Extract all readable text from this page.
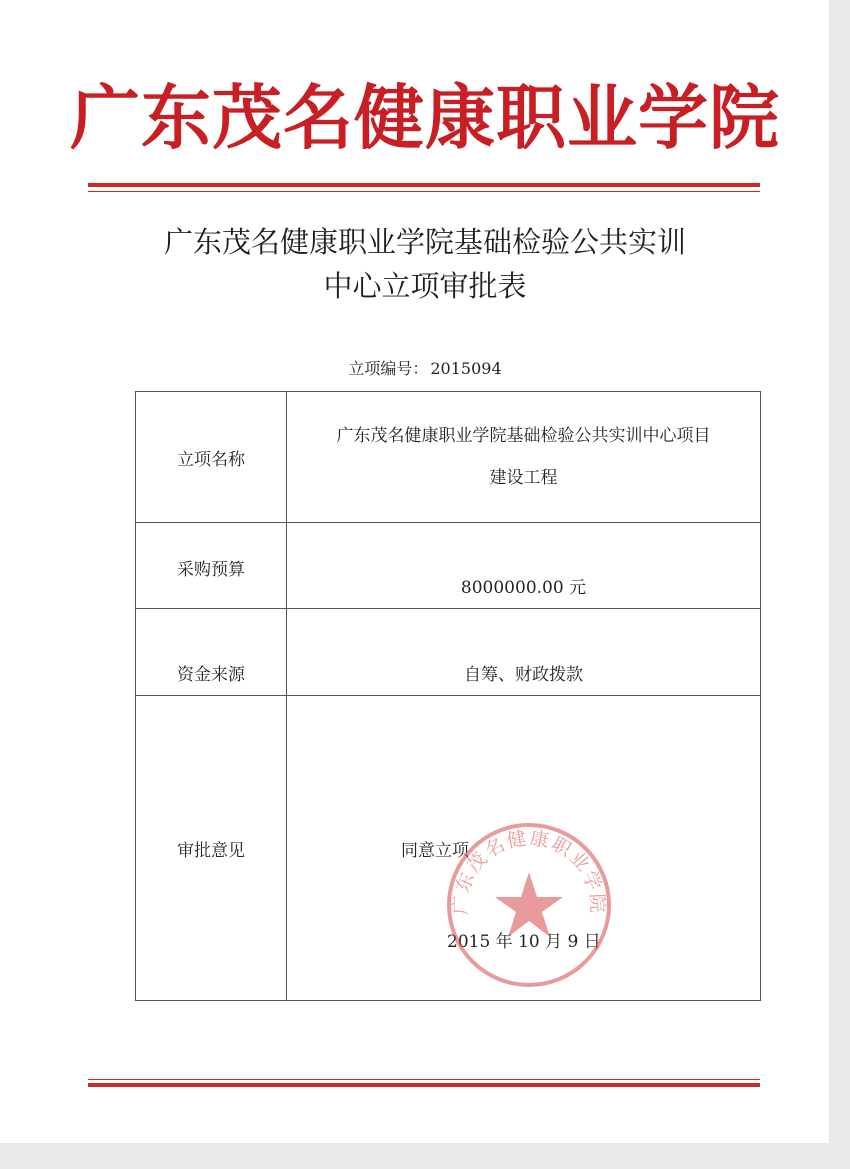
广东茂名健康职业学院
广东茂名健康职业学院基础检验公共实训
中心立项审批表
立项编号： 2015094
立项名称	广东茂名健康职业学院基础检验公共实训中心项目
建设工程

采购预算	8000000.00 元

资金来源	自筹、财政拨款

审批意见	同意立项
2015 年 10 月 9 日
广东茂名健康职业学院
